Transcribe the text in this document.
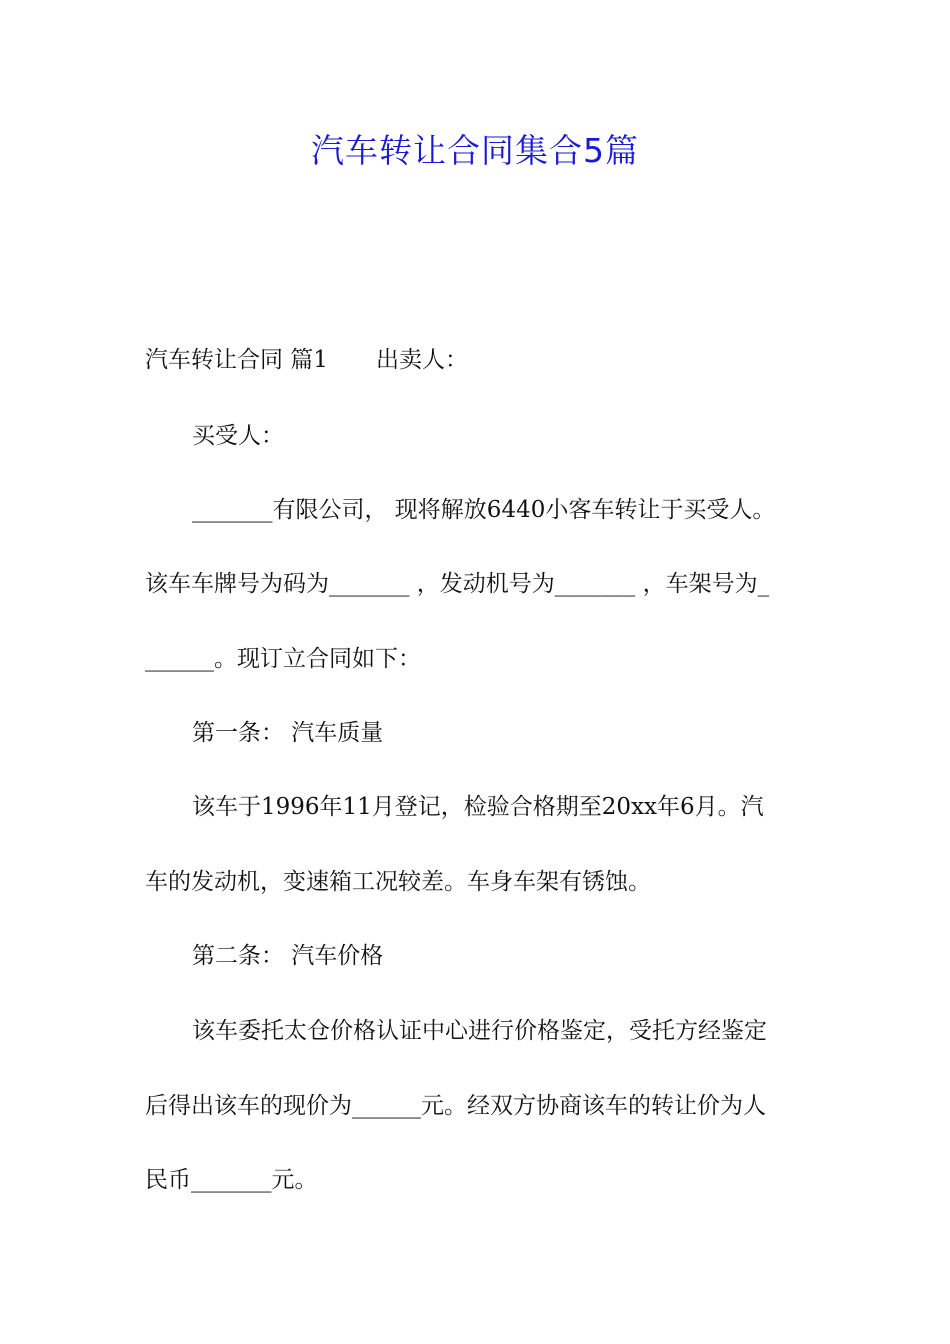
汽车转让合同集合5篇
汽车转让合同 篇1 出卖人：
买受人：
_______有限公司， 现将解放6440小客车转让于买受人。
该车车牌号为码为_______ ，发动机号为_______ ，车架号为_
______。现订立合同如下：
第一条： 汽车质量
该车于1996年11月登记，检验合格期至20xx年6月。汽
车的发动机，变速箱工况较差。车身车架有锈蚀。
第二条： 汽车价格
该车委托太仓价格认证中心进行价格鉴定，受托方经鉴定
后得出该车的现价为______元。经双方协商该车的转让价为人
民币_______元。
